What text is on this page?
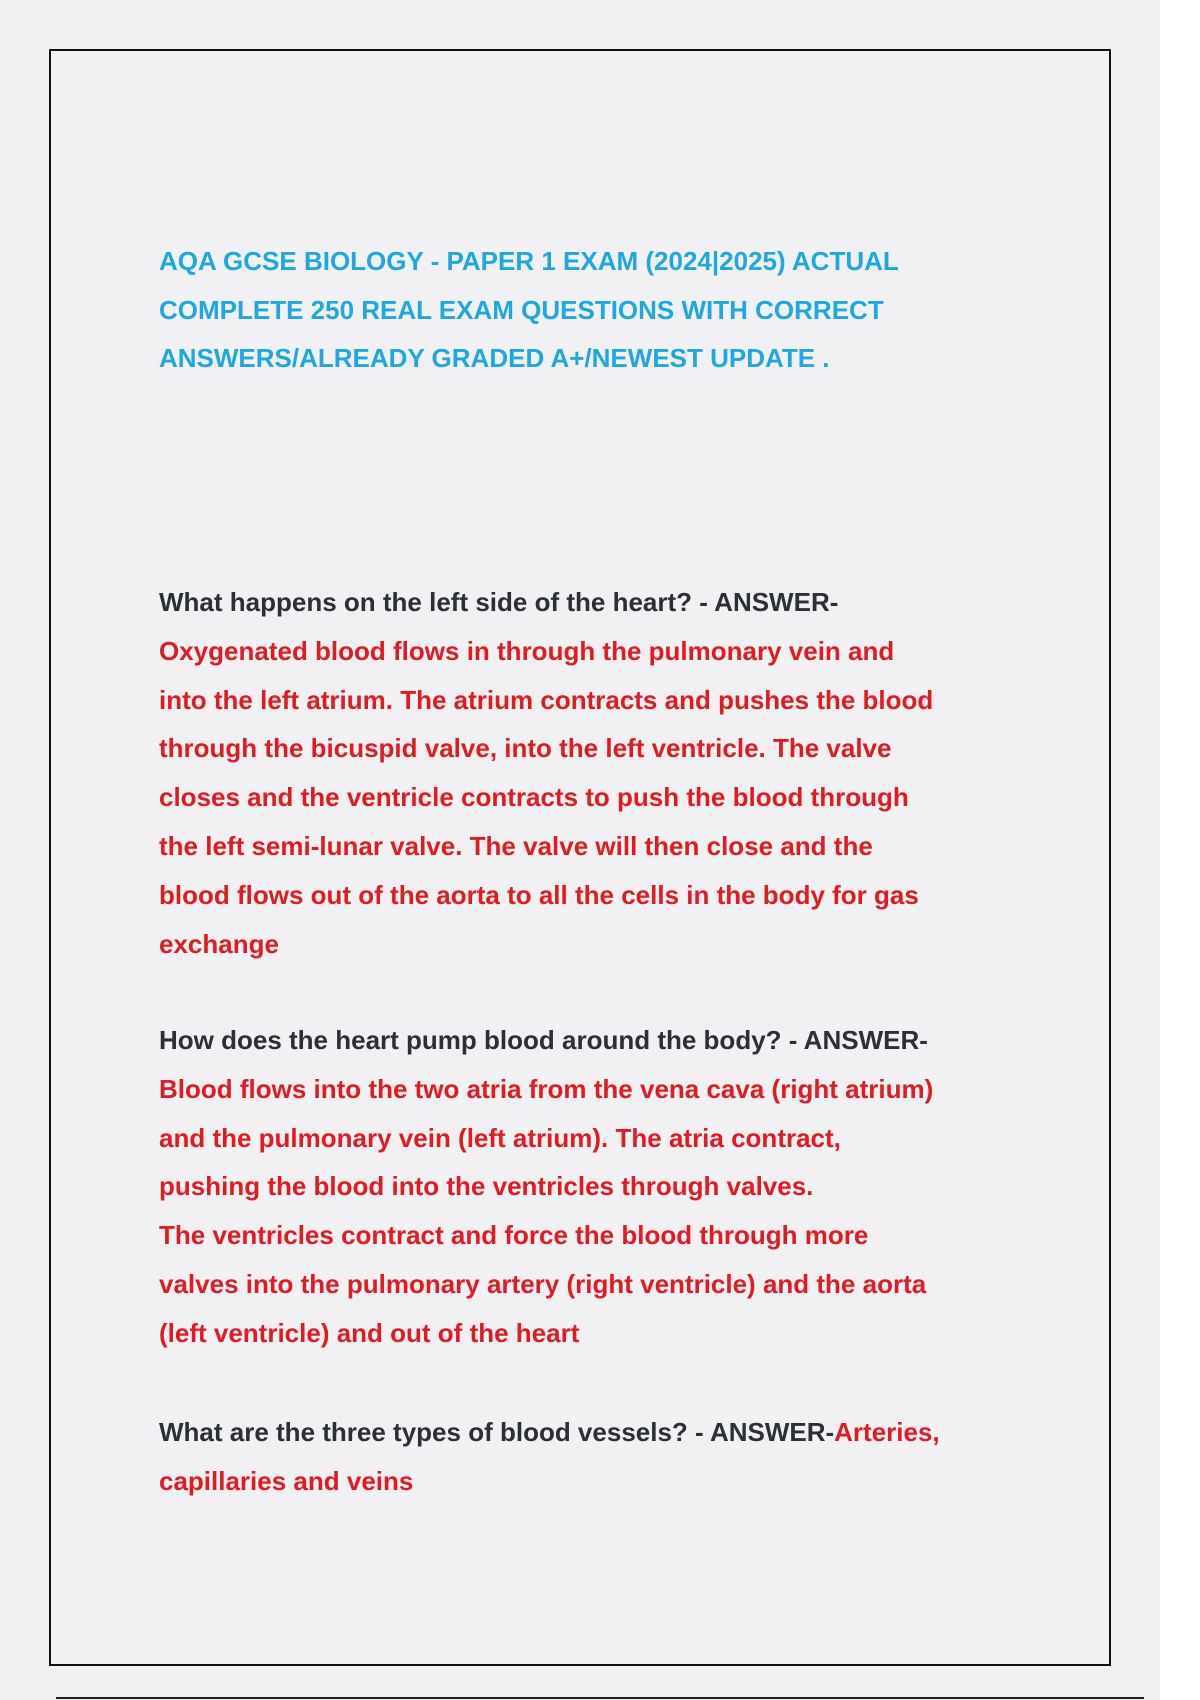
AQA GCSE BIOLOGY - PAPER 1 EXAM (2024|2025) ACTUAL
COMPLETE 250 REAL EXAM QUESTIONS WITH CORRECT
ANSWERS/ALREADY GRADED A+/NEWEST UPDATE .

What happens on the left side of the heart? - ANSWER-
Oxygenated blood flows in through the pulmonary vein and
into the left atrium. The atrium contracts and pushes the blood
through the bicuspid valve, into the left ventricle. The valve
closes and the ventricle contracts to push the blood through
the left semi-lunar valve. The valve will then close and the
blood flows out of the aorta to all the cells in the body for gas
exchange

How does the heart pump blood around the body? - ANSWER-
Blood flows into the two atria from the vena cava (right atrium)
and the pulmonary vein (left atrium). The atria contract,
pushing the blood into the ventricles through valves.
The ventricles contract and force the blood through more
valves into the pulmonary artery (right ventricle) and the aorta
(left ventricle) and out of the heart

What are the three types of blood vessels? - ANSWER-Arteries,
capillaries and veins
